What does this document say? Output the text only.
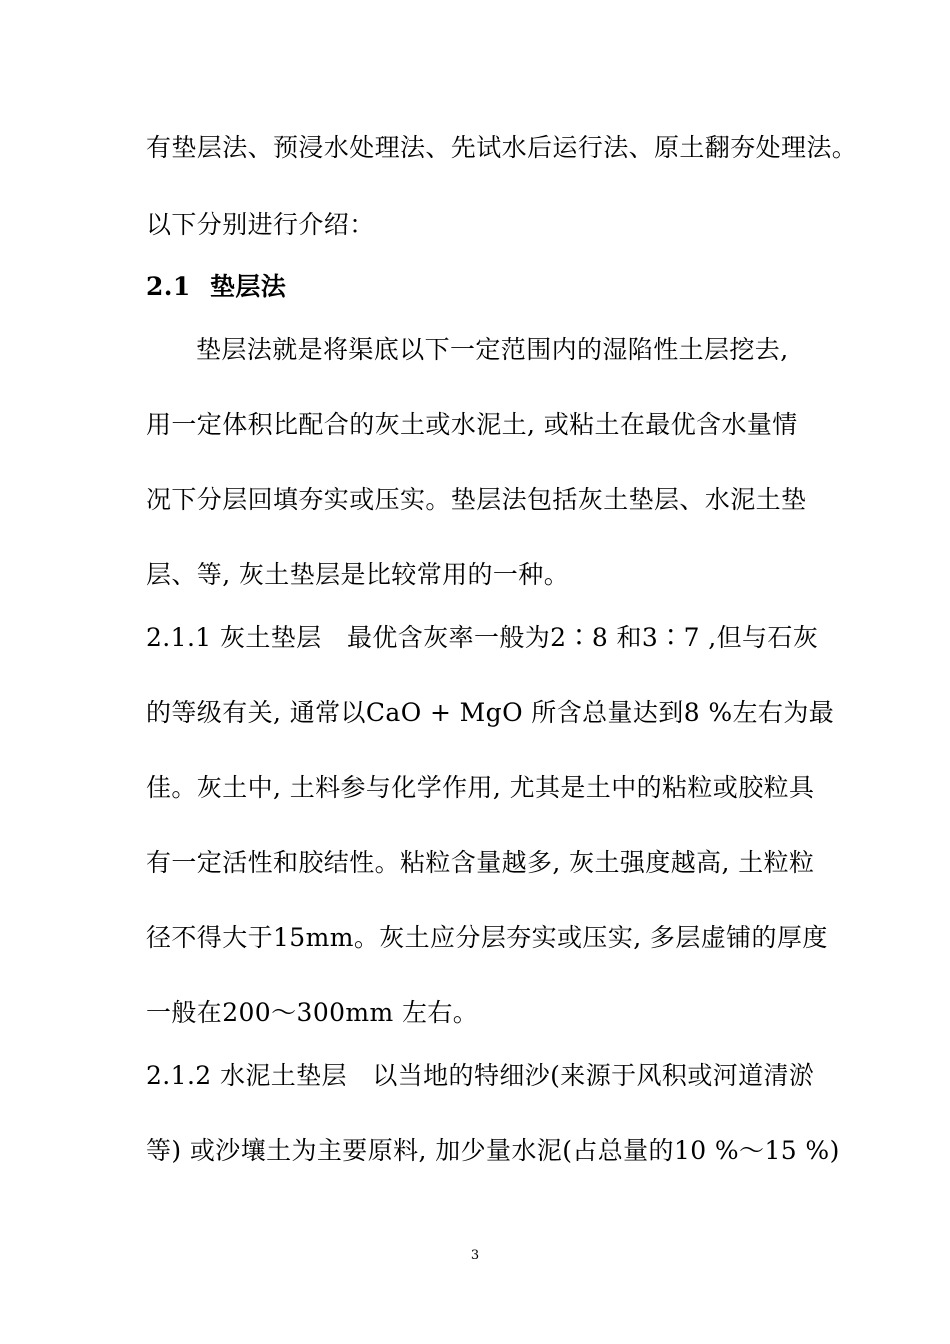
有垫层法、预浸水处理法、先试水后运行法、原土翻夯处理法。
以下分别进行介绍：
2.1 垫层法
垫层法就是将渠底以下一定范围内的湿陷性土层挖去,
用一定体积比配合的灰土或水泥土, 或粘土在最优含水量情
况下分层回填夯实或压实。垫层法包括灰土垫层、水泥土垫
层、等, 灰土垫层是比较常用的一种。
2.1.1 灰土垫层　最优含灰率一般为2∶8 和3∶7 ,但与石灰
的等级有关, 通常以CaO + MgO 所含总量达到8 %左右为最
佳。灰土中, 土料参与化学作用, 尤其是土中的粘粒或胶粒具
有一定活性和胶结性。粘粒含量越多, 灰土强度越高, 土粒粒
径不得大于15mm。灰土应分层夯实或压实, 多层虚铺的厚度
一般在200～300mm 左右。
2.1.2 水泥土垫层　以当地的特细沙(来源于风积或河道清淤
等) 或沙壤土为主要原料, 加少量水泥(占总量的10 %～15 %)
3
